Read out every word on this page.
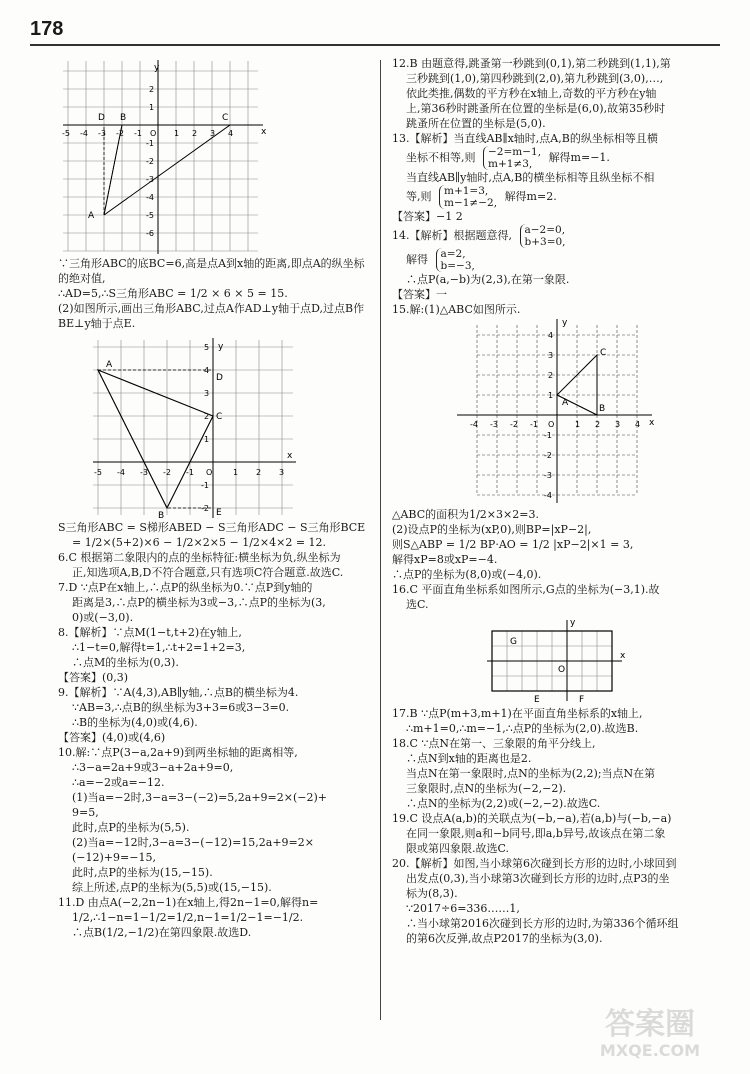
178
y
x
D B	C
A
-5 -4 -3 -2 -1 O 1 2 3 4
2
1
-1
-2
-3
-4
-5
-6

∵三角形ABC的底BC=6,高是点A到x轴的距离,即点A的纵坐标的绝对值,

∴AD=5,∴S三角形ABC = 1/2 × 6 × 5 = 15.

(2)如图所示,画出三角形ABC,过点A作AD⊥y轴于点D,过点B作BE⊥y轴于点E.

y
x
A
D
C
B	E
-5 -4 -3 -2 -1 O	1 2 3
5
4
3
2
1
-1
-2

S三角形ABC = S梯形ABED − S三角形ADC − S三角形BCE

= 1/2×(5+2)×6 − 1/2×2×5 − 1/2×4×2 = 12.

6.C 根据第二象限内的点的坐标特征:横坐标为负,纵坐标为

正,知选项A,B,D不符合题意,只有选项C符合题意.故选C.

7.D ∵点P在x轴上,∴点P的纵坐标为0.∵点P到y轴的

距离是3,∴点P的横坐标为3或−3,∴点P的坐标为(3,

0)或(−3,0).

8.【解析】∵点M(1−t,t+2)在y轴上,

∴1−t=0,解得t=1,∴t+2=1+2=3,

∴点M的坐标为(0,3).

【答案】(0,3)

9.【解析】∵A(4,3),AB∥y轴,∴点B的横坐标为4.

∵AB=3,∴点B的纵坐标为3+3=6或3−3=0.

∴B的坐标为(4,0)或(4,6).

【答案】(4,0)或(4,6)

10.解:∵点P(3−a,2a+9)到两坐标轴的距离相等,

∴3−a=2a+9或3−a+2a+9=0,

∴a=−2或a=−12.

(1)当a=−2时,3−a=3−(−2)=5,2a+9=2×(−2)+

9=5,

此时,点P的坐标为(5,5).

(2)当a=−12时,3−a=3−(−12)=15,2a+9=2×

(−12)+9=−15,

此时,点P的坐标为(15,−15).

综上所述,点P的坐标为(5,5)或(15,−15).

11.D 由点A(−2,2n−1)在x轴上,得2n−1=0,解得n=

1/2,∴1−n=1−1/2=1/2,n−1=1/2−1=−1/2.

∴点B(1/2,−1/2)在第四象限.故选D.

12.B 由题意得,跳蚤第一秒跳到(0,1),第二秒跳到(1,1),第

三秒跳到(1,0),第四秒跳到(2,0),第九秒跳到(3,0),…,

依此类推,偶数的平方秒在x轴上,奇数的平方秒在y轴

上,第36秒时跳蚤所在位置的坐标是(6,0),故第35秒时

跳蚤所在位置的坐标是(5,0).

13.【解析】当直线AB∥x轴时,点A,B的纵坐标相等且横

坐标不相等,则 −2=m−1,
m+1≠3, 解得m=−1.

当直线AB∥y轴时,点A,B的横坐标相等且纵坐标不相

等,则 m+1=3,
m−1≠−2, 解得m=2.

【答案】−1 2

14.【解析】根据题意得, a−2=0,
b+3=0,

解得 a=2,
b=−3,

∴点P(a,−b)为(2,3),在第一象限.

【答案】一

15.解:(1)△ABC如图所示.

y
x
C
A
B
-4 -3 -2 -1 O	1 2 3 4
4
3
2
1
-1
-2
-3
-4

△ABC的面积为1/2×3×2=3.

(2)设点P的坐标为(xP,0),则BP=|xP−2|,

则S△ABP = 1/2 BP·AO = 1/2 |xP−2|×1 = 3,

解得xP=8或xP=−4.

∴点P的坐标为(8,0)或(−4,0).

16.C 平面直角坐标系如图所示,G点的坐标为(−3,1).故

选C.

y
x
G
O
E	F

17.B ∵点P(m+3,m+1)在平面直角坐标系的x轴上,

∴m+1=0,∴m=−1,∴点P的坐标为(2,0).故选B.

18.C ∵点N在第一、三象限的角平分线上,

∴点N到x轴的距离也是2.

当点N在第一象限时,点N的坐标为(2,2);当点N在第

三象限时,点N的坐标为(−2,−2).

∴点N的坐标为(2,2)或(−2,−2).故选C.

19.C 设点A(a,b)的关联点为(−b,−a),若(a,b)与(−b,−a)

在同一象限,则a和−b同号,即a,b异号,故该点在第二象

限或第四象限.故选C.

20.【解析】如图,当小球第6次碰到长方形的边时,小球回到

出发点(0,3),当小球第3次碰到长方形的边时,点P3的坐

标为(8,3).

∵2017÷6=336……1,

∴当小球第2016次碰到长方形的边时,为第336个循环组

的第6次反弹,故点P2017的坐标为(3,0).

答案圈
MXQE.COM
